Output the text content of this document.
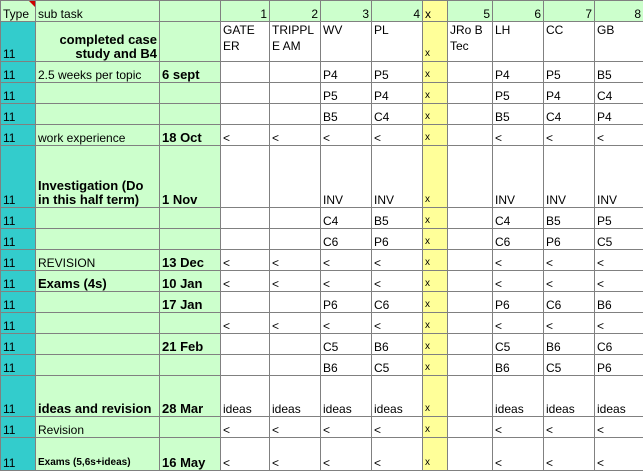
Type	sub task		1	2	3	4	x	5	6	7	8
11	completed case study and B4		GATE ER	TRIPPL E AM	WV	PL	x	JRo B Tec	LH	CC	GB
11	2.5 weeks per topic	6 sept			P4	P5	x		P4	P5	B5
11					P5	P4	x		P5	P4	C4
11					B5	C4	x		B5	C4	P4
11	work experience	18 Oct	<	<	<	<	x		<	<	<
11	Investigation (Do in this half term)	1 Nov			INV	INV	x		INV	INV	INV
11					C4	B5	x		C4	B5	P5
11					C6	P6	x		C6	P6	C5
11	REVISION	13 Dec	<	<	<	<	x		<	<	<
11	Exams (4s)	10 Jan	<	<	<	<	x		<	<	<
11		17 Jan			P6	C6	x		P6	C6	B6
11			<	<	<	<	x		<	<	<
11		21 Feb			C5	B6	x		C5	B6	C6
11					B6	C5	x		B6	C5	P6
11	ideas and revision	28 Mar	ideas	ideas	ideas	ideas	x		ideas	ideas	ideas
11	Revision		<	<	<	<	x		<	<	<
11	Exams (5,6s+ideas)	16 May	<	<	<	<	x		<	<	<
